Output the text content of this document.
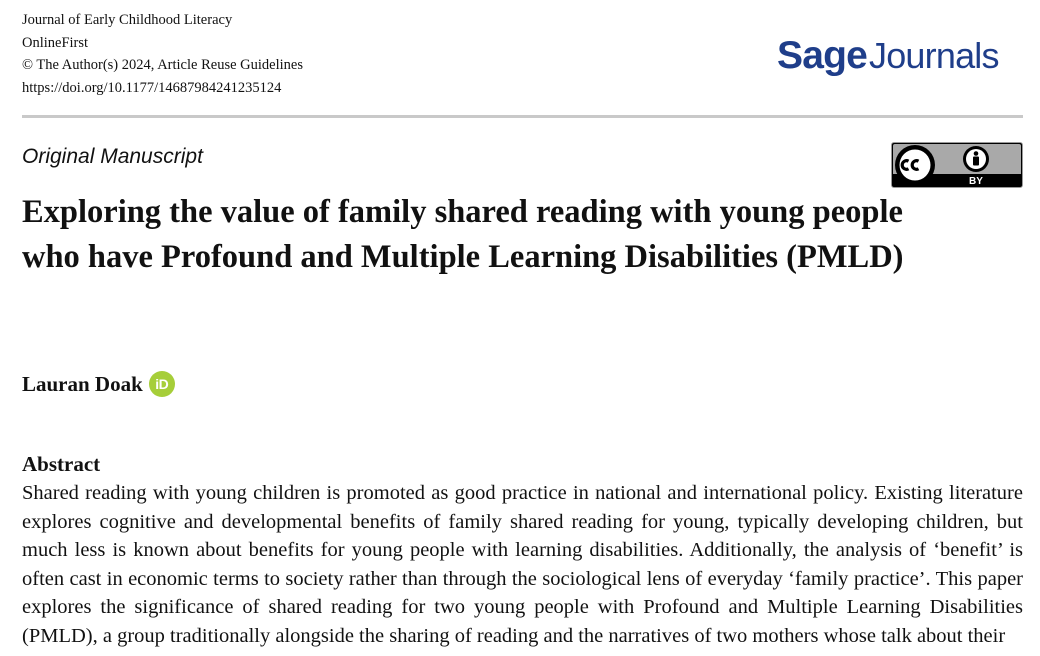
Journal of Early Childhood Literacy
OnlineFirst
© The Author(s) 2024, Article Reuse Guidelines
https://doi.org/10.1177/14687984241235124
SageJournals
Original Manuscript
BY
Exploring the value of family shared reading with young people who have Profound and Multiple Learning Disabilities (PMLD)
Lauran Doak iD
Abstract
Shared reading with young children is promoted as good practice in national and international policy. Existing literature explores cognitive and developmental benefits of family shared reading for young, typically developing children, but much less is known about benefits for young people with learning disabilities. Additionally, the analysis of ‘benefit’ is often cast in economic terms to society rather than through the sociological lens of everyday ‘family practice’. This paper explores the significance of shared reading for two young people with Profound and Multiple Learning Disabilities (PMLD), a group traditionally alongside the sharing of reading and the narratives of two mothers whose talk about their
